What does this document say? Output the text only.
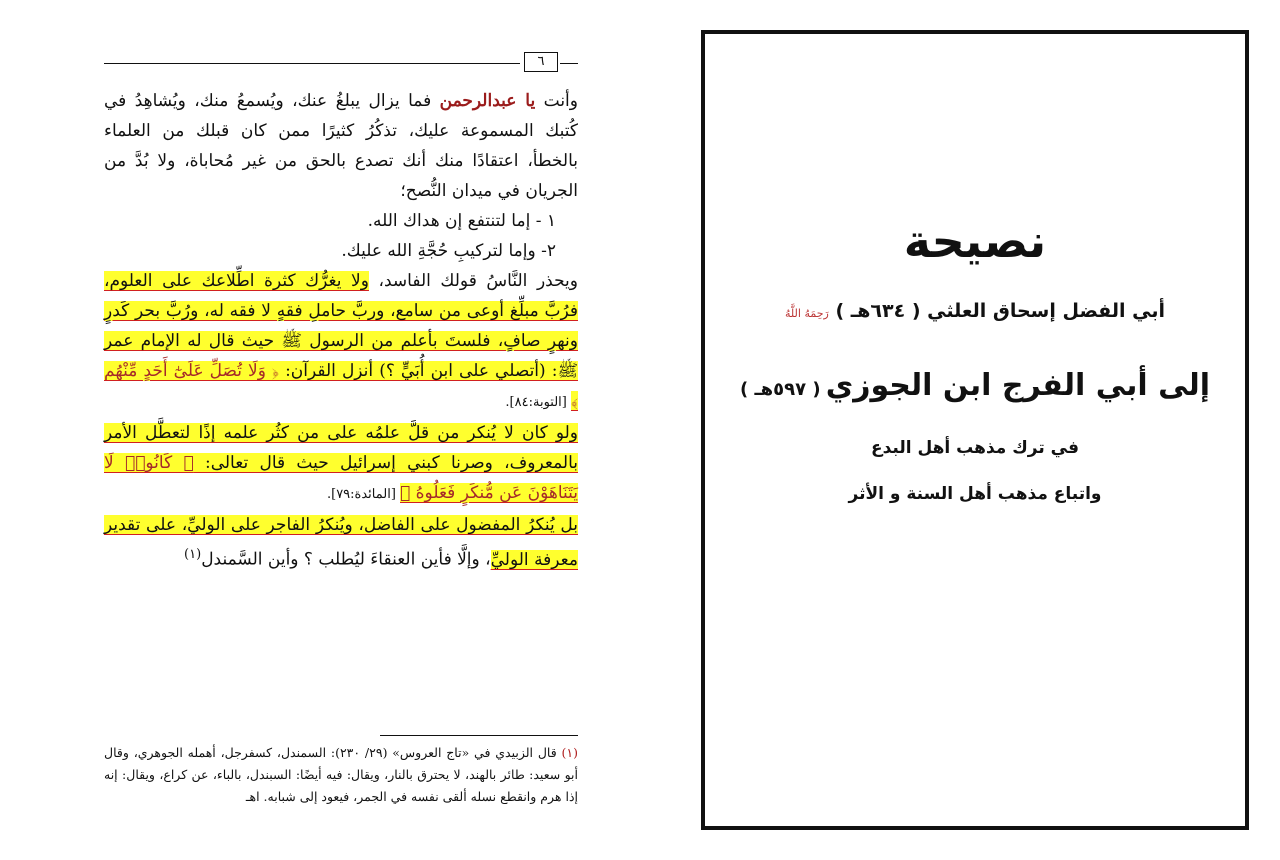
٦

وأنت يا عبدالرحمن فما يزال يبلغُ عنك، ويُسمعُ منك، ويُشاهِدُ في كُتبك المسموعة عليك، تذكُرُ كثيرًا ممن كان قبلك من العلماء بالخطأ، اعتقادًا منك أنك تصدع بالحق من غير مُحاباة، ولا بُدَّ من الجريان في ميدان النُّصح؛

١ - إما لتنتفع إن هداك الله.

٢- وإما لتركيبِ حُجَّةِ الله عليك.

ويحذر النَّاسُ قولك الفاسد، ولا يغرُّك كثرة اطِّلاعك على العلوم، فرُبَّ مبلِّغ أوعى من سامع، وربَّ حاملِ فقهٍ لا فقه له، ورُبَّ بحر كَدرٍ ونهرٍ صافٍ، فلستَ بأعلم من الرسول ﷺ حيث قال له الإمام عمر ﷺ: (أتصلي على ابن أُبَيٍّ ؟) أنزل القرآن: ﴿ وَلَا تُصَلِّ عَلَىٰٓ أَحَدٍ مِّنْهُم ﴾ [التوبة:٨٤].

ولو كان لا يُنكر من قلَّ علمُه على من كثُر علمه إذًا لتعطَّل الأمر بالمعروف، وصرنا كبني إسرائيل حيث قال تعالى: ﴿ كَانُوا۟ لَا يَتَنَاهَوْنَ عَن مُّنكَرٍ فَعَلُوهُ ﴾ [المائدة:٧٩].

بل يُنكرُ المفضول على الفاضل، ويُنكرُ الفاجر على الوليِّ، على تقدير معرفة الوليِّ، وإلَّا فأين العنقاءَ ليُطلب ؟ وأين السَّمندل$^{(١)}$

(١) قال الزبيدي في «تاج العروس» (٢٩/ ٢٣٠): السمندل، كسفرجل، أهمله الجوهري، وقال أبو سعيد: طائر بالهند، لا يحترق بالنار، ويقال: فيه أيضًا: السبندل، بالباء، عن كراع، ويقال: إنه إذا هرم وانقطع نسله ألقى نفسه في الجمر، فيعود إلى شبابه. اهـ

نصيحة
أبي الفضل إسحاق العلثي ( ٦٣٤هـ ) رَحِمَهُ اللَّهُ
إلى أبي الفرج ابن الجوزي ( ٥٩٧هـ )
في ترك مذهب أهل البدع
واتباع مذهب أهل السنة و الأثر
